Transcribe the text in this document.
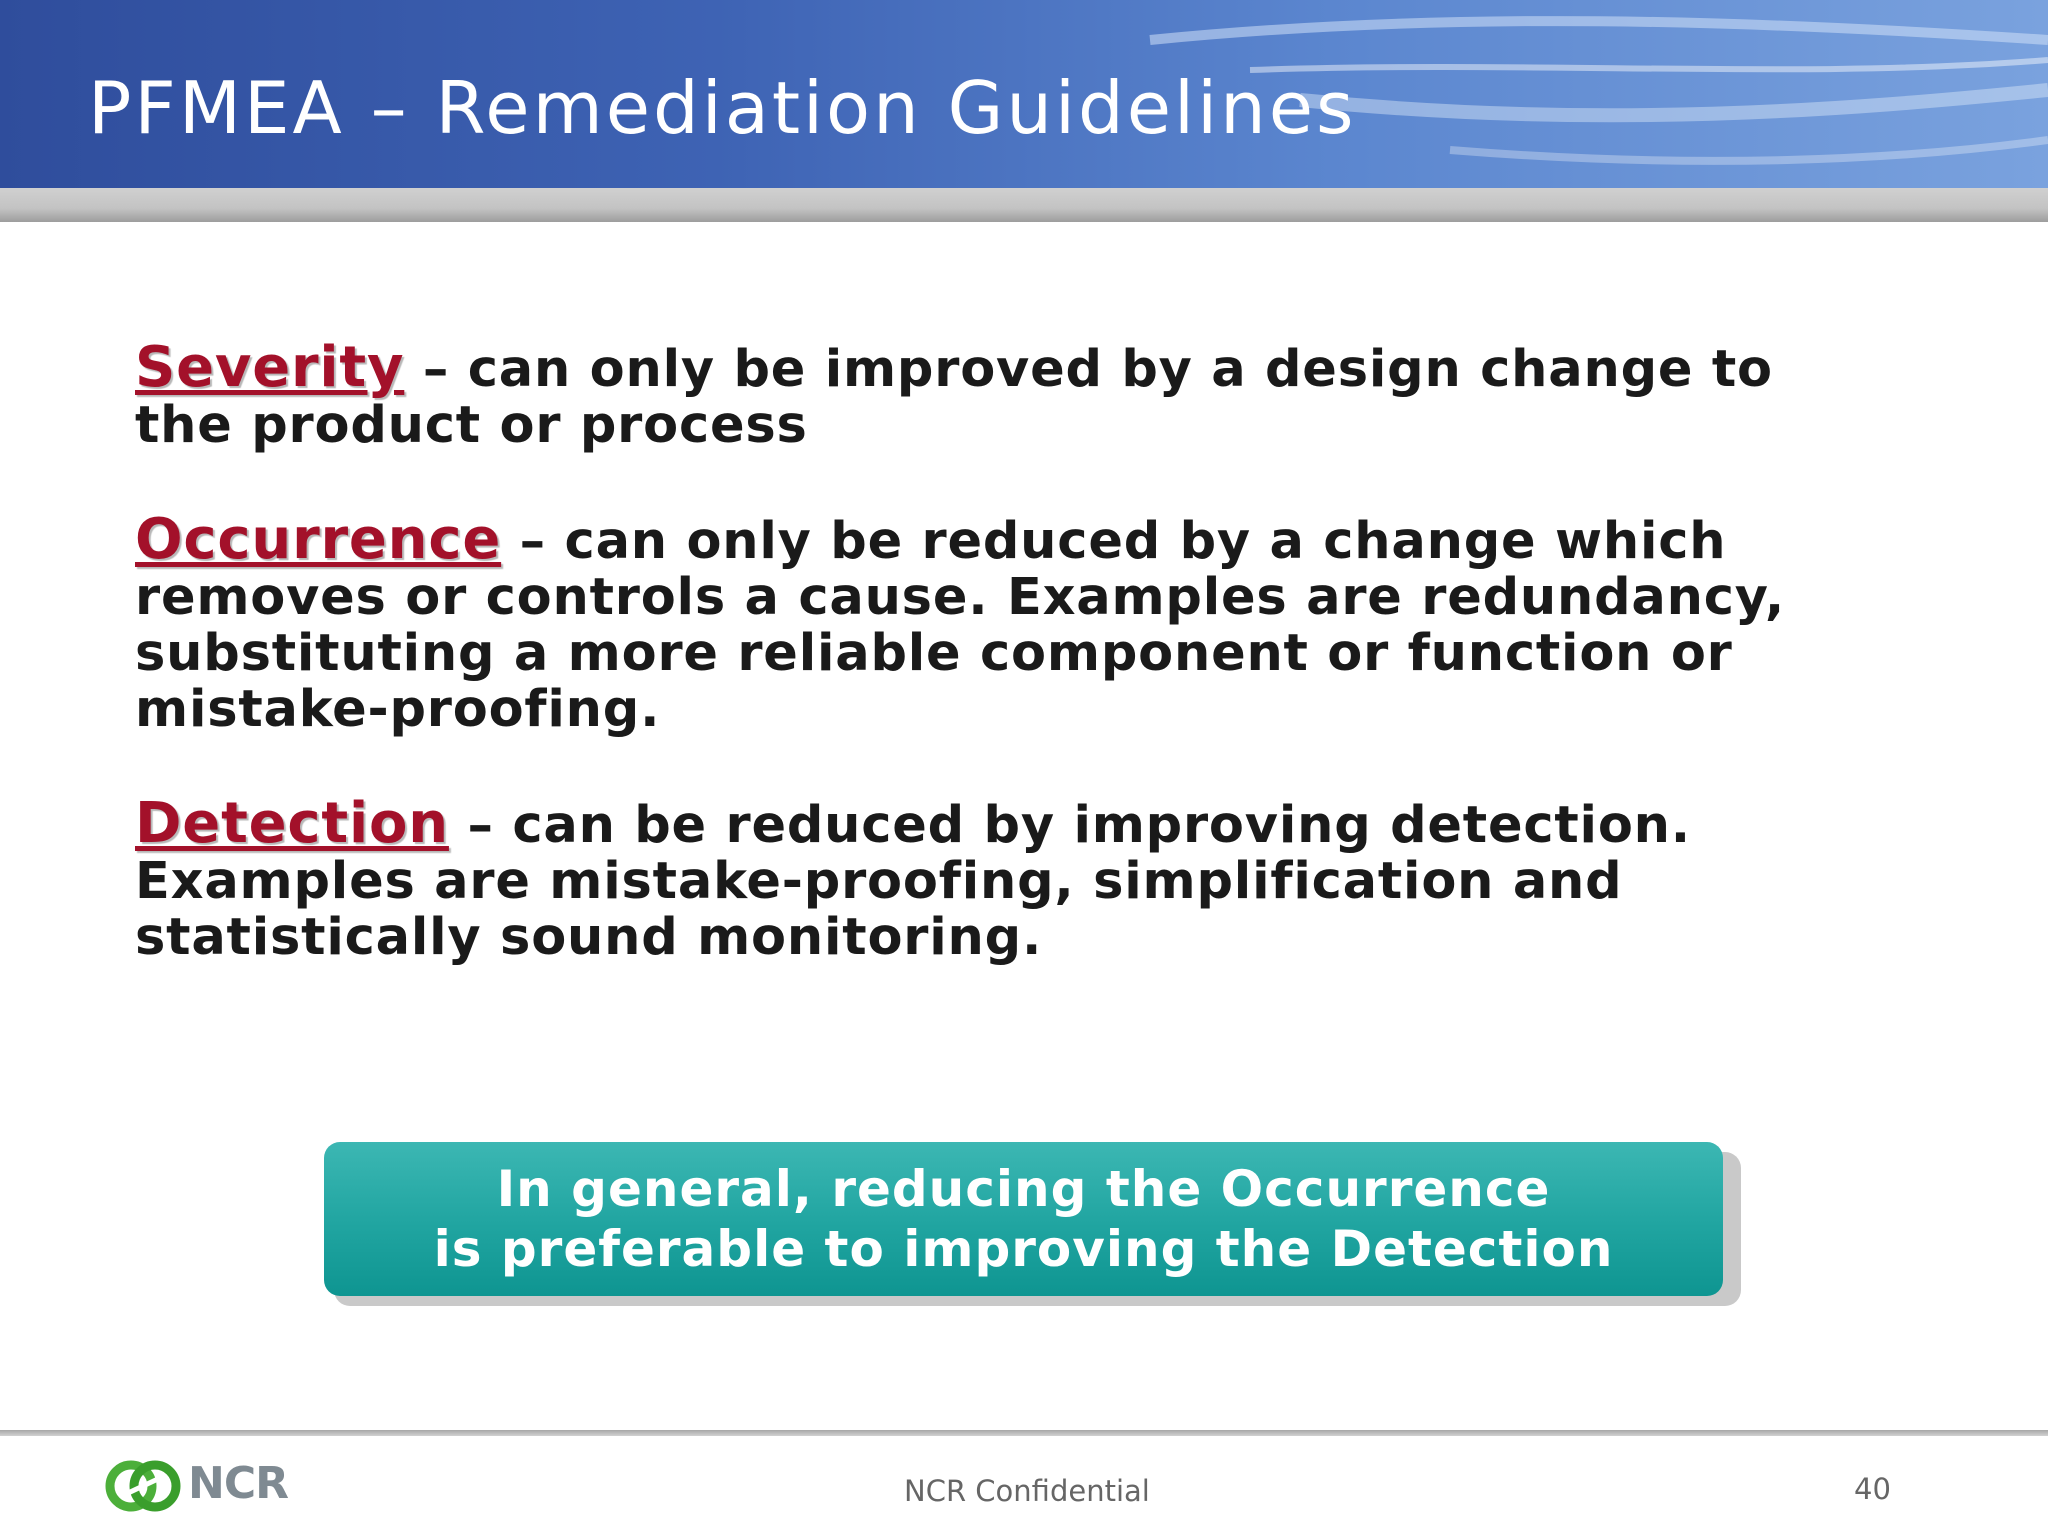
PFMEA – Remediation Guidelines

Severity – can only be improved by a design change to the product or process

Occurrence – can only be reduced by a change which removes or controls a cause. Examples are redundancy, substituting a more reliable component or function or mistake-proofing.

Detection – can be reduced by improving detection. Examples are mistake-proofing, simplification and statistically sound monitoring.

In general, reducing the Occurrence
is preferable to improving the Detection
NCR	NCR Confidential	40
